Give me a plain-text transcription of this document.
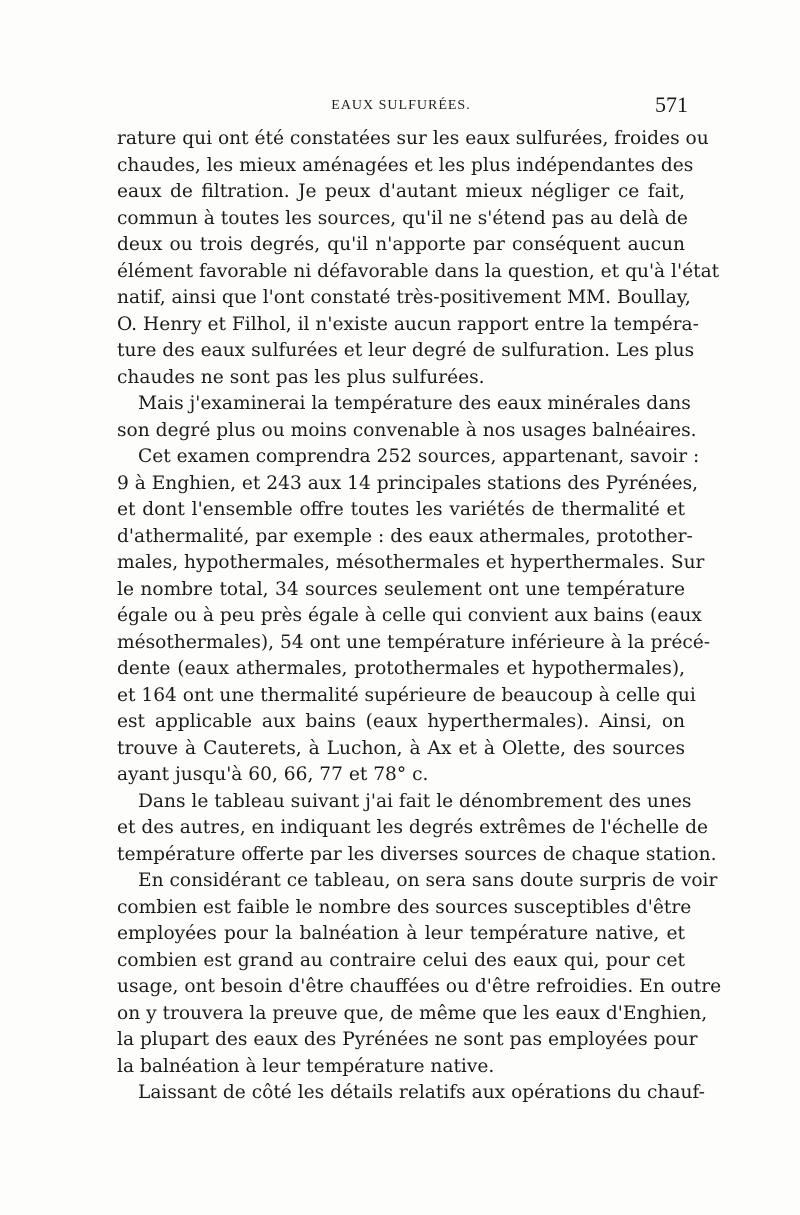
EAUX SULFURÉES.	571
rature qui ont été constatées sur les eaux sulfurées, froides ou
chaudes, les mieux aménagées et les plus indépendantes des
eaux de filtration. Je peux d'autant mieux négliger ce fait,
commun à toutes les sources, qu'il ne s'étend pas au delà de
deux ou trois degrés, qu'il n'apporte par conséquent aucun
élément favorable ni défavorable dans la question, et qu'à l'état
natif, ainsi que l'ont constaté très-positivement MM. Boullay,
O. Henry et Filhol, il n'existe aucun rapport entre la tempéra-
ture des eaux sulfurées et leur degré de sulfuration. Les plus
chaudes ne sont pas les plus sulfurées.
Mais j'examinerai la température des eaux minérales dans
son degré plus ou moins convenable à nos usages balnéaires.
Cet examen comprendra 252 sources, appartenant, savoir :
9 à Enghien, et 243 aux 14 principales stations des Pyrénées,
et dont l'ensemble offre toutes les variétés de thermalité et
d'athermalité, par exemple : des eaux athermales, protother-
males, hypothermales, mésothermales et hyperthermales. Sur
le nombre total, 34 sources seulement ont une température
égale ou à peu près égale à celle qui convient aux bains (eaux
mésothermales), 54 ont une température inférieure à la précé-
dente (eaux athermales, protothermales et hypothermales),
et 164 ont une thermalité supérieure de beaucoup à celle qui
est applicable aux bains (eaux hyperthermales). Ainsi, on
trouve à Cauterets, à Luchon, à Ax et à Olette, des sources
ayant jusqu'à 60, 66, 77 et 78° c.
Dans le tableau suivant j'ai fait le dénombrement des unes
et des autres, en indiquant les degrés extrêmes de l'échelle de
température offerte par les diverses sources de chaque station.
En considérant ce tableau, on sera sans doute surpris de voir
combien est faible le nombre des sources susceptibles d'être
employées pour la balnéation à leur température native, et
combien est grand au contraire celui des eaux qui, pour cet
usage, ont besoin d'être chauffées ou d'être refroidies. En outre
on y trouvera la preuve que, de même que les eaux d'Enghien,
la plupart des eaux des Pyrénées ne sont pas employées pour
la balnéation à leur température native.
Laissant de côté les détails relatifs aux opérations du chauf-
